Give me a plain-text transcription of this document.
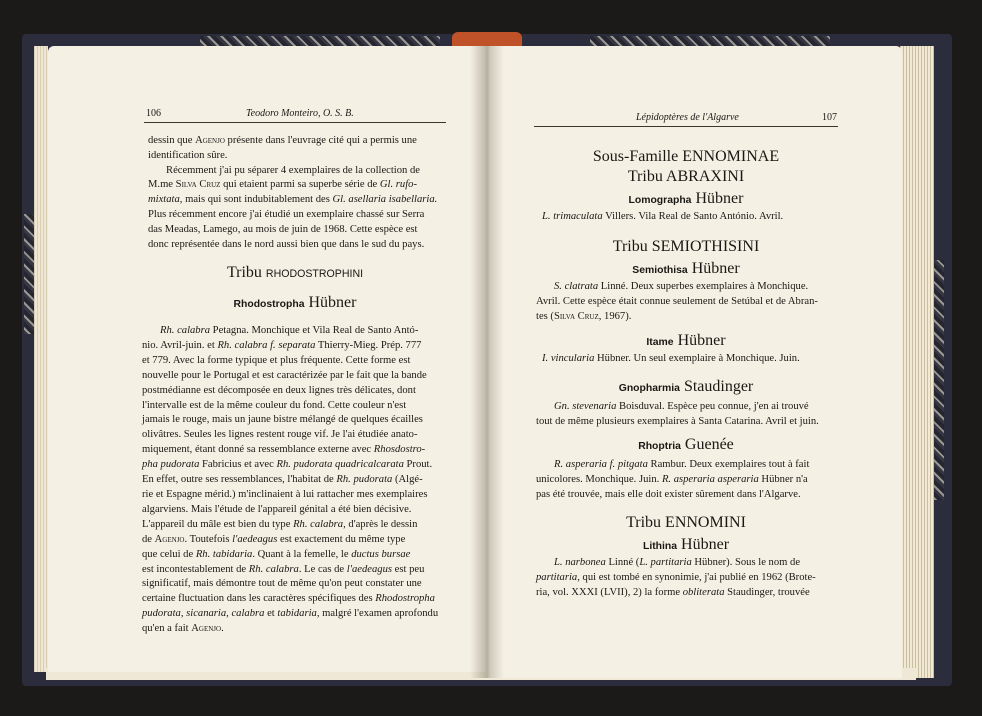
106	Teodoro Monteiro, O. S. B.

dessin que Agenjo présente dans l'euvrage cité qui a permis une

identification sûre.

Récemment j'ai pu séparer 4 exemplaires de la collection de

M.me Silva Cruz qui etaient parmi sa superbe série de Gl. rufo-

mixtata, mais qui sont indubitablement des Gl. asellaria isabellaria.

Plus récemment encore j'ai étudié un exemplaire chassé sur Serra

das Meadas, Lamego, au mois de juin de 1968. Cette espèce est

donc représentée dans le nord aussi bien que dans le sud du pays.

Tribu RHODOSTROPHINI
Rhodostropha Hübner

Rh. calabra Petagna. Monchique et Vila Real de Santo Antó-

nio. Avril-juin. et Rh. calabra f. separata Thierry-Mieg. Prép. 777

et 779. Avec la forme typique et plus fréquente. Cette forme est

nouvelle pour le Portugal et est caractérizée par le fait que la bande

postmédianne est décomposée en deux lignes très délicates, dont

l'intervalle est de la même couleur du fond. Cette couleur n'est

jamais le rouge, mais un jaune bistre mélangé de quelques écailles

olivâtres. Seules les lignes restent rouge vif. Je l'ai étudiée anato-

miquement, étant donné sa ressemblance externe avec Rhosdostro-

pha pudorata Fabricius et avec Rh. pudorata quadricalcarata Prout.

En effet, outre ses ressemblances, l'habitat de Rh. pudorata (Algé-

rie et Espagne mérid.) m'inclinaient à lui rattacher mes exemplaires

algarviens. Mais l'étude de l'appareil génital a été bien décisive.

L'appareil du mâle est bien du type Rh. calabra, d'après le dessin

de Agenjo. Toutefois l'aedeagus est exactement du même type

que celui de Rh. tabidaria. Quant à la femelle, le ductus bursae

est incontestablement de Rh. calabra. Le cas de l'aedeagus est peu

significatif, mais démontre tout de même qu'on peut constater une

certaine fluctuation dans les caractères spécifiques des Rhodostropha

pudorata, sicanaria, calabra et tabidaria, malgré l'examen aprofondu

qu'en a fait Agenjo.

Lépidoptères de l'Algarve	107
Sous-Famille ENNOMINAE
Tribu ABRAXINI
Lomographa Hübner

L. trimaculata Villers. Vila Real de Santo António. Avril.

Tribu SEMIOTHISINI
Semiothisa Hübner

S. clatrata Linné. Deux superbes exemplaires à Monchique.

Avril. Cette espèce était connue seulement de Setúbal et de Abran-

tes (Silva Cruz, 1967).

Itame Hübner

I. vincularia Hübner. Un seul exemplaire à Monchique. Juin.

Gnopharmia Staudinger

Gn. stevenaria Boisduval. Espèce peu connue, j'en ai trouvé

tout de même plusieurs exemplaires à Santa Catarina. Avril et juin.

Rhoptria Guenée

R. asperaria f. pitgata Rambur. Deux exemplaires tout à fait

unicolores. Monchique. Juin. R. asperaria asperaria Hübner n'a

pas été trouvée, mais elle doit exister sûrement dans l'Algarve.

Tribu ENNOMINI
Lithina Hübner

L. narbonea Linné (L. partitaria Hübner). Sous le nom de

partitaria, qui est tombé en synonimie, j'ai publié en 1962 (Brote-

ria, vol. XXXI (LVII), 2) la forme obliterata Staudinger, trouvée
